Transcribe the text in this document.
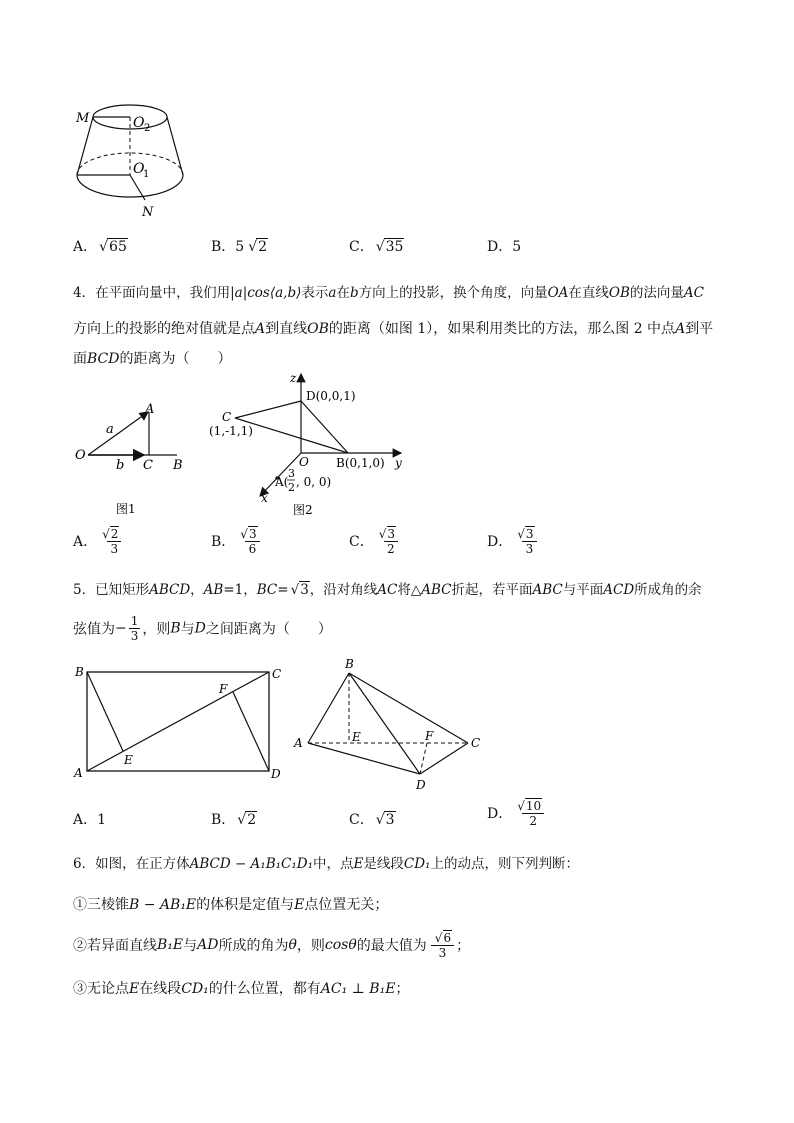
M	O 2
O
1
N
A． √ 65	B．5 √ 2	C． √ 35	D．5
4．在平面向量中，我们用|a|cos⟨a,b⟩表示a在b方向上的投影，换个角度，向量OA在直线OB的法向量AC
方向上的投影的绝对值就是点A到直线OB的距离（如图 1），如果利用类比的方法，那么图 2 中点A到平
面BCD的距离为（　　）
A
a
O
b C B
图1
z
D(0,0,1)
C
(1,-1,1)
O B(0,1,0) y
A(
3
2 , 0, 0)
x
图2
A． √ $\frac{2}{3}$	B． √ $\frac{3}{6}$	C． √ $\frac{3}{2}$	D． √ $\frac{3}{3}$
5．已知矩形ABCD，AB=1，BC= √ 3，沿对角线AC将△ABC折起，若平面ABC与平面ACD所成角的余
弦值为− $\frac{1}{3}$ ，则B与D之间距离为（　　）
B	C
F
A
E
D
B
A	E	F	C
D
A．1	B． √ 2	C． √ 3	D． √ $\frac{10}{2}$
6．如图，在正方体ABCD − A₁B₁C₁D₁中，点E是线段CD₁上的动点，则下列判断：
①三棱锥B − AB₁E的体积是定值与E点位置无关；
②若异面直线B₁E与AD所成的角为θ，则cosθ的最大值为 √ $\frac{6}{3}$ ；
③无论点E在线段CD₁的什么位置，都有AC₁ ⊥ B₁E；
